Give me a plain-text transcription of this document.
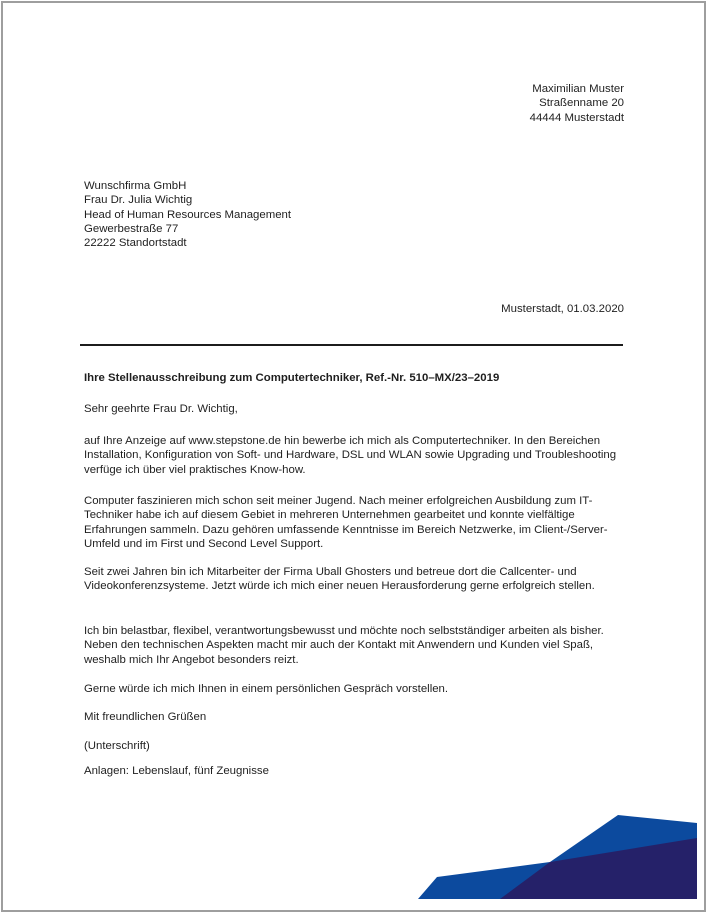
Maximilian Muster
Straßenname 20
44444 Musterstadt
Wunschfirma GmbH
Frau Dr. Julia Wichtig
Head of Human Resources Management
Gewerbestraße 77
22222 Standortstadt
Musterstadt, 01.03.2020
Ihre Stellenausschreibung zum Computertechniker, Ref.-Nr. 510–MX/23–2019
Sehr geehrte Frau Dr. Wichtig,
auf Ihre Anzeige auf www.stepstone.de hin bewerbe ich mich als Computertechniker. In den Bereichen Installation, Konfiguration von Soft- und Hardware, DSL und WLAN sowie Upgrading und Troubleshooting verfüge ich über viel praktisches Know-how.
Computer faszinieren mich schon seit meiner Jugend. Nach meiner erfolgreichen Ausbildung zum IT-Techniker habe ich auf diesem Gebiet in mehreren Unternehmen gearbeitet und konnte vielfältige Erfahrungen sammeln. Dazu gehören umfassende Kenntnisse im Bereich Netzwerke, im Client-/Server-Umfeld und im First und Second Level Support.
Seit zwei Jahren bin ich Mitarbeiter der Firma Uball Ghosters und betreue dort die Callcenter- und Videokonferenzsysteme. Jetzt würde ich mich einer neuen Herausforderung gerne erfolgreich stellen.
Ich bin belastbar, flexibel, verantwortungsbewusst und möchte noch selbstständiger arbeiten als bisher. Neben den technischen Aspekten macht mir auch der Kontakt mit Anwendern und Kunden viel Spaß, weshalb mich Ihr Angebot besonders reizt.
Gerne würde ich mich Ihnen in einem persönlichen Gespräch vorstellen.
Mit freundlichen Grüßen
(Unterschrift)
Anlagen: Lebenslauf, fünf Zeugnisse
